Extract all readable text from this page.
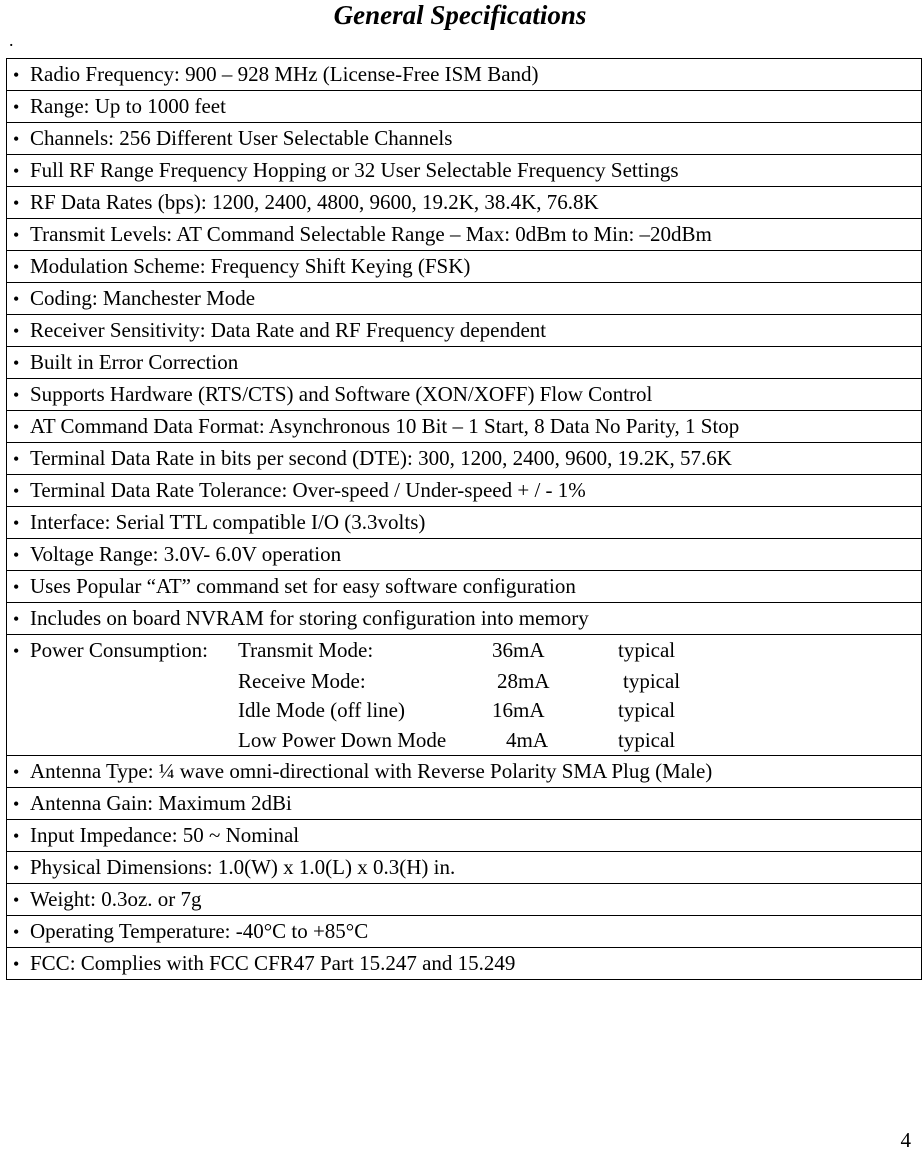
General Specifications
.
• Radio Frequency: 900 – 928 MHz (License-Free ISM Band)
• Range: Up to 1000 feet
• Channels: 256 Different User Selectable Channels
• Full RF Range Frequency Hopping or 32 User Selectable Frequency Settings
• RF Data Rates (bps): 1200, 2400, 4800, 9600, 19.2K, 38.4K, 76.8K
• Transmit Levels: AT Command Selectable Range – Max: 0dBm to Min: –20dBm
• Modulation Scheme: Frequency Shift Keying (FSK)
• Coding: Manchester Mode
• Receiver Sensitivity: Data Rate and RF Frequency dependent
• Built in Error Correction
• Supports Hardware (RTS/CTS) and Software (XON/XOFF) Flow Control
• AT Command Data Format: Asynchronous 10 Bit – 1 Start, 8 Data No Parity, 1 Stop
• Terminal Data Rate in bits per second (DTE): 300, 1200, 2400, 9600, 19.2K, 57.6K
• Terminal Data Rate Tolerance: Over-speed / Under-speed + / - 1%
• Interface: Serial TTL compatible I/O (3.3volts)
• Voltage Range: 3.0V- 6.0V operation
• Uses Popular “AT” command set for easy software configuration
• Includes on board NVRAM for storing configuration into memory

• Power Consumption:	Transmit Mode:	36mA	typical
Receive Mode:	28mA	typical
Idle Mode (off line)	16mA	typical
Low Power Down Mode	4mA	typical

• Antenna Type: ¼ wave omni-directional with Reverse Polarity SMA Plug (Male)
• Antenna Gain: Maximum 2dBi
• Input Impedance: 50 ~ Nominal
• Physical Dimensions: 1.0(W) x 1.0(L) x 0.3(H) in.
• Weight: 0.3oz. or 7g
• Operating Temperature: -40°C to +85°C
• FCC: Complies with FCC CFR47 Part 15.247 and 15.249
4
